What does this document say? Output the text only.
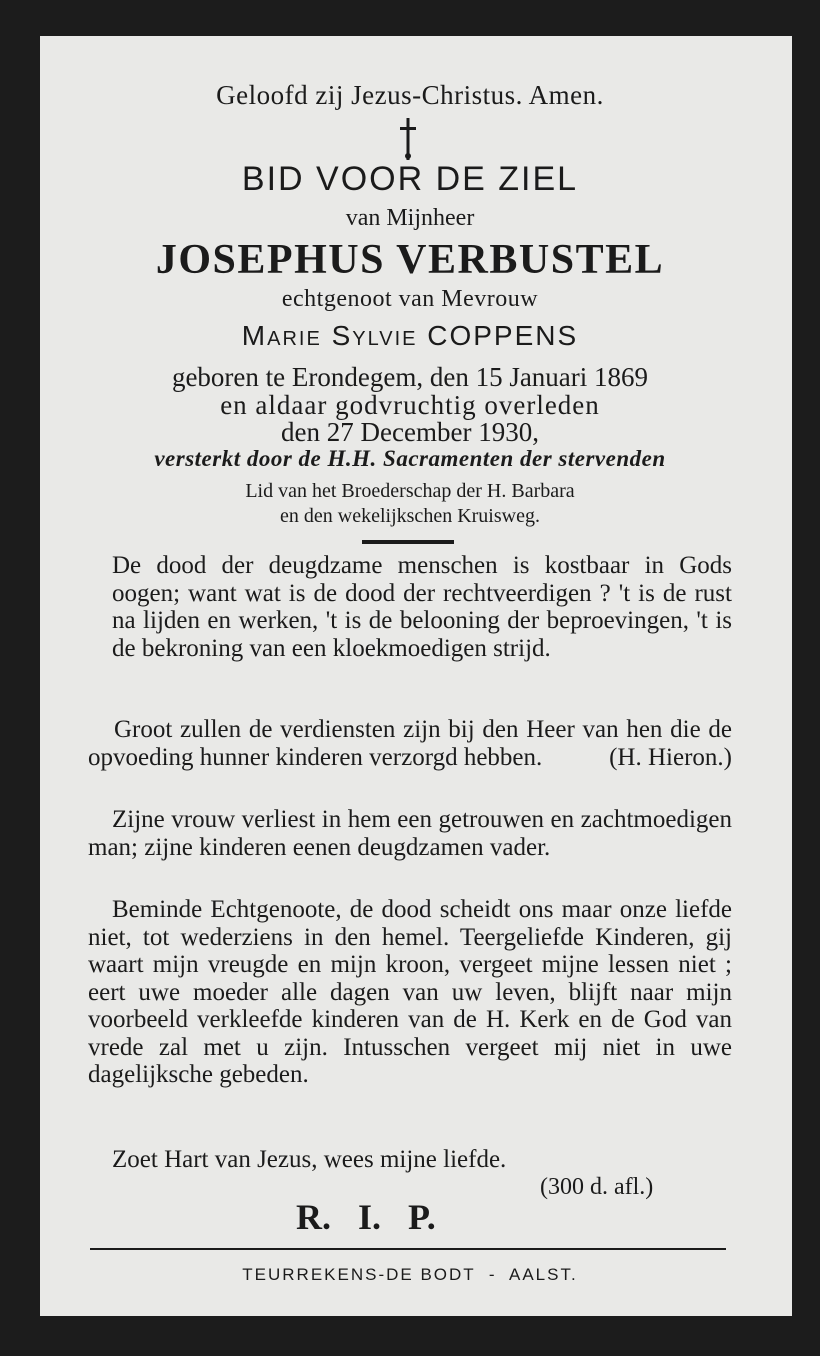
Geloofd zij Jezus-Christus. Amen.
BID VOOR DE ZIEL
van Mijnheer
JOSEPHUS VERBUSTEL
echtgenoot van Mevrouw
Marie Sylvie COPPENS
geboren te Erondegem, den 15 Januari 1869
en aldaar godvruchtig overleden
den 27 December 1930,
versterkt door de H.H. Sacramenten der stervenden
Lid van het Broederschap der H. Barbara
en den wekelijkschen Kruisweg.

De dood der deugdzame menschen is kostbaar in Gods oogen; want wat is de dood der rechtveerdigen ? 't is de rust na lijden en werken, 't is de belooning der beproevingen, 't is de bekroning van een kloekmoedigen strijd.

Groot zullen de verdiensten zijn bij den Heer van hen die de opvoeding hunner kinderen verzorgd hebben.	(H. Hieron.)

Zijne vrouw verliest in hem een getrouwen en zachtmoedigen man; zijne kinderen eenen deugdzamen vader.

Beminde Echtgenoote, de dood scheidt ons maar onze liefde niet, tot wederziens in den hemel. Teergeliefde Kinderen, gij waart mijn vreugde en mijn kroon, vergeet mijne lessen niet ; eert uwe moeder alle dagen van uw leven, blijft naar mijn voorbeeld verkleefde kinderen van de H. Kerk en de God van vrede zal met u zijn. Intusschen vergeet mij niet in uwe dagelijksche gebeden.

Zoet Hart van Jezus, wees mijne liefde.
(300 d. afl.)
R.   I.   P.
TEURREKENS-DE BODT  -  AALST.
